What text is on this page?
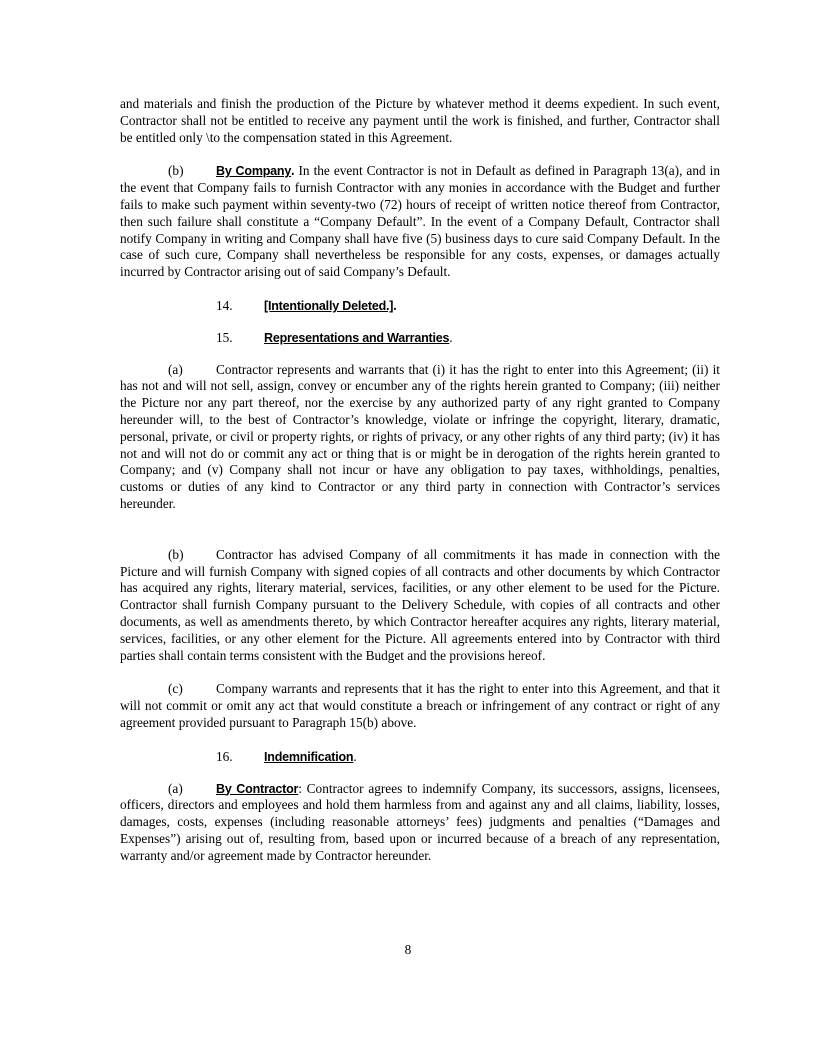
and materials and finish the production of the Picture by whatever method it deems expedient. In such event, Contractor shall not be entitled to receive any payment until the work is finished, and further, Contractor shall be entitled only \to the compensation stated in this Agreement.

(b)	By Company. In the event Contractor is not in Default as defined in Paragraph 13(a), and in the event that Company fails to furnish Contractor with any monies in accordance with the Budget and further fails to make such payment within seventy-two (72) hours of receipt of written notice thereof from Contractor, then such failure shall constitute a “Company Default”. In the event of a Company Default, Contractor shall notify Company in writing and Company shall have five (5) business days to cure said Company Default. In the case of such cure, Company shall nevertheless be responsible for any costs, expenses, or damages actually incurred by Contractor arising out of said Company’s Default.

14.	[Intentionally Deleted.].

15.	Representations and Warranties.

(a) Contractor represents and warrants that (i) it has the right to enter into this Agreement; (ii) it has not and will not sell, assign, convey or encumber any of the rights herein granted to Company; (iii) neither the Picture nor any part thereof, nor the exercise by any authorized party of any right granted to Company hereunder will, to the best of Contractor’s knowledge, violate or infringe the copyright, literary, dramatic, personal, private, or civil or property rights, or rights of privacy, or any other rights of any third party; (iv) it has not and will not do or commit any act or thing that is or might be in derogation of the rights herein granted to Company; and (v) Company shall not incur or have any obligation to pay taxes, withholdings, penalties, customs or duties of any kind to Contractor or any third party in connection with Contractor’s services hereunder.

(b) Contractor has advised Company of all commitments it has made in connection with the Picture and will furnish Company with signed copies of all contracts and other documents by which Contractor has acquired any rights, literary material, services, facilities, or any other element to be used for the Picture. Contractor shall furnish Company pursuant to the Delivery Schedule, with copies of all contracts and other documents, as well as amendments thereto, by which Contractor hereafter acquires any rights, literary material, services, facilities, or any other element for the Picture. All agreements entered into by Contractor with third parties shall contain terms consistent with the Budget and the provisions hereof.

(c) Company warrants and represents that it has the right to enter into this Agreement, and that it will not commit or omit any act that would constitute a breach or infringement of any contract or right of any agreement provided pursuant to Paragraph 15(b) above.

16.	Indemnification.

(a)	By Contractor: Contractor agrees to indemnify Company, its successors, assigns, licensees, officers, directors and employees and hold them harmless from and against any and all claims, liability, losses, damages, costs, expenses (including reasonable attorneys’ fees) judgments and penalties (“Damages and Expenses”) arising out of, resulting from, based upon or incurred because of a breach of any representation, warranty and/or agreement made by Contractor hereunder.

8
